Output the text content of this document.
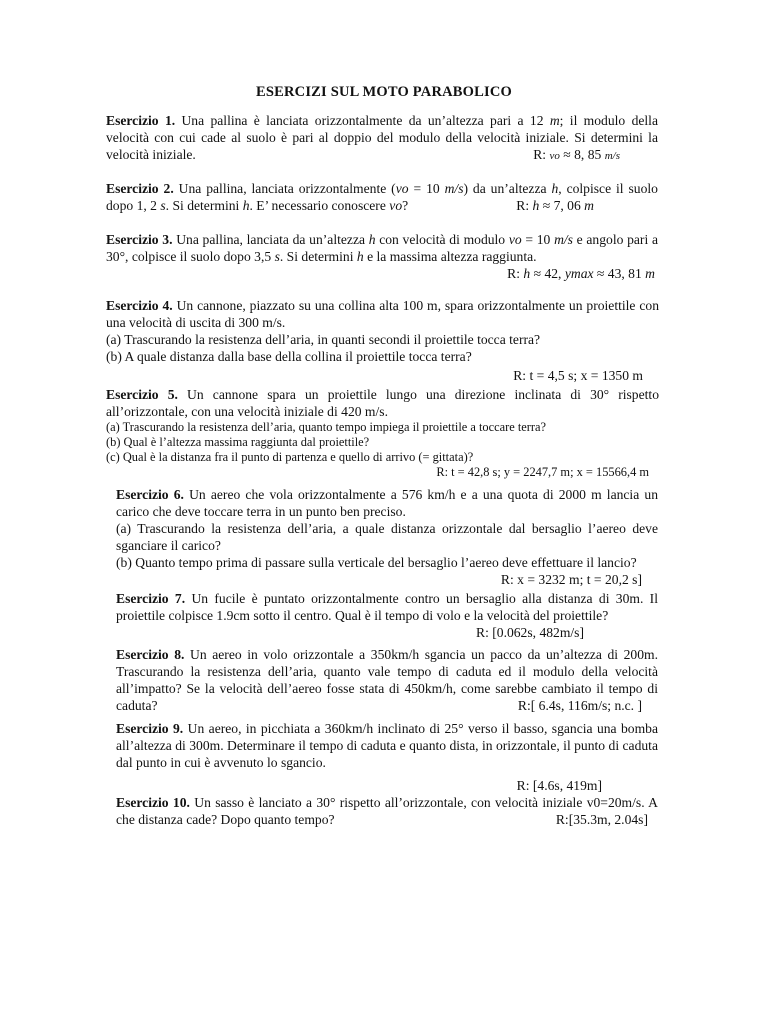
ESERCIZI SUL MOTO PARABOLICO

Esercizio 1. Una pallina è lanciata orizzontalmente da un’altezza pari a 12 m; il modulo della velocità con cui cade al suolo è pari al doppio del modulo della velocità iniziale. Si determini la velocità iniziale.	R: vo ≈ 8, 85 m/s

Esercizio 2. Una pallina, lanciata orizzontalmente (vo = 10 m/s) da un’altezza h, colpisce il suolo dopo 1, 2 s. Si determini h. E’ necessario conoscere vo?	R: h ≈ 7, 06 m

Esercizio 3. Una pallina, lanciata da un’altezza h con velocità di modulo vo = 10 m/s e angolo pari a 30°, colpisce il suolo dopo 3,5 s. Si determini h e la massima altezza raggiunta.

R: h ≈ 42, ymax ≈ 43, 81 m

Esercizio 4. Un cannone, piazzato su una collina alta 100 m, spara orizzontalmente un proiettile con una velocità di uscita di 300 m/s.

(a) Trascurando la resistenza dell’aria, in quanti secondi il proiettile tocca terra?

(b) A quale distanza dalla base della collina il proiettile tocca terra?

R: t = 4,5 s; x = 1350 m

Esercizio 5. Un cannone spara un proiettile lungo una direzione inclinata di 30° rispetto all’orizzontale, con una velocità iniziale di 420 m/s.

(a) Trascurando la resistenza dell’aria, quanto tempo impiega il proiettile a toccare terra?

(b) Qual è l’altezza massima raggiunta dal proiettile?

(c) Qual è la distanza fra il punto di partenza e quello di arrivo (= gittata)?

R: t = 42,8 s; y = 2247,7 m; x = 15566,4 m

Esercizio 6. Un aereo che vola orizzontalmente a 576 km/h e a una quota di 2000 m lancia un carico che deve toccare terra in un punto ben preciso.

(a) Trascurando la resistenza dell’aria, a quale distanza orizzontale dal bersaglio l’aereo deve sganciare il carico?

(b) Quanto tempo prima di passare sulla verticale del bersaglio l’aereo deve effettuare il lancio?

R: x = 3232 m; t = 20,2 s]

Esercizio 7. Un fucile è puntato orizzontalmente contro un bersaglio alla distanza di 30m. Il proiettile colpisce 1.9cm sotto il centro. Qual è il tempo di volo e la velocità del proiettile?

R: [0.062s, 482m/s]

Esercizio 8. Un aereo in volo orizzontale a 350km/h sgancia un pacco da un’altezza di 200m. Trascurando la resistenza dell’aria, quanto vale tempo di caduta ed il modulo della velocità all’impatto? Se la velocità dell’aereo fosse stata di 450km/h, come sarebbe cambiato il tempo di caduta?	R:[ 6.4s, 116m/s; n.c. ]

Esercizio 9. Un aereo, in picchiata a 360km/h inclinato di 25° verso il basso, sgancia una bomba all’altezza di 300m. Determinare il tempo di caduta e quanto dista, in orizzontale, il punto di caduta dal punto in cui è avvenuto lo sgancio.

R: [4.6s, 419m]

Esercizio 10. Un sasso è lanciato a 30° rispetto all’orizzontale, con velocità iniziale v0=20m/s. A che distanza cade? Dopo quanto tempo?	R:[35.3m, 2.04s]
